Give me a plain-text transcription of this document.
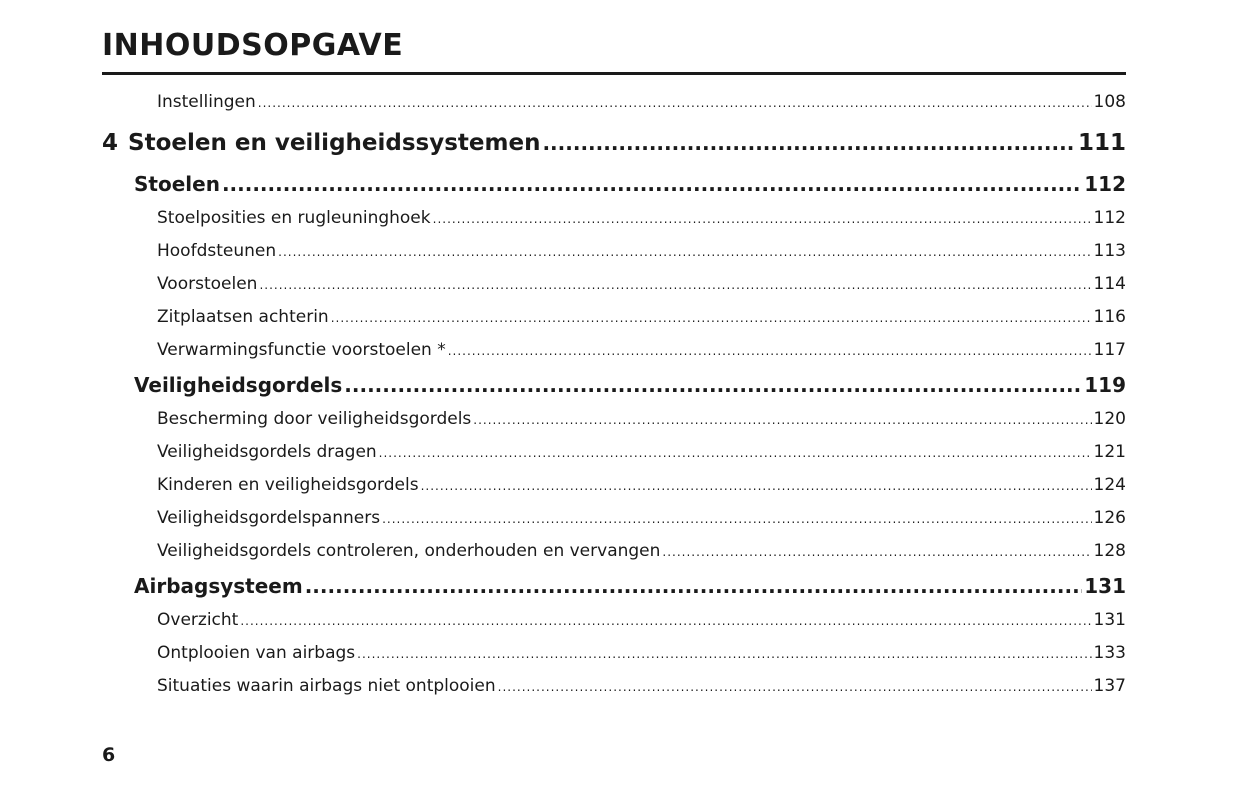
INHOUDSOPGAVE
Instellingen .....	108
4 Stoelen en veiligheidssystemen .....	111
Stoelen .....	112
Stoelposities en rugleuninghoek .....	112
Hoofdsteunen .....	113
Voorstoelen .....	114
Zitplaatsen achterin .....	116
Verwarmingsfunctie voorstoelen * .....	117
Veiligheidsgordels .....	119
Bescherming door veiligheidsgordels .....	120
Veiligheidsgordels dragen .....	121
Kinderen en veiligheidsgordels .....	124
Veiligheidsgordelspanners .....	126
Veiligheidsgordels controleren, onderhouden en vervangen .....	128
Airbagsysteem .....	131
Overzicht .....	131
Ontplooien van airbags .....	133
Situaties waarin airbags niet ontplooien .....	137
6
